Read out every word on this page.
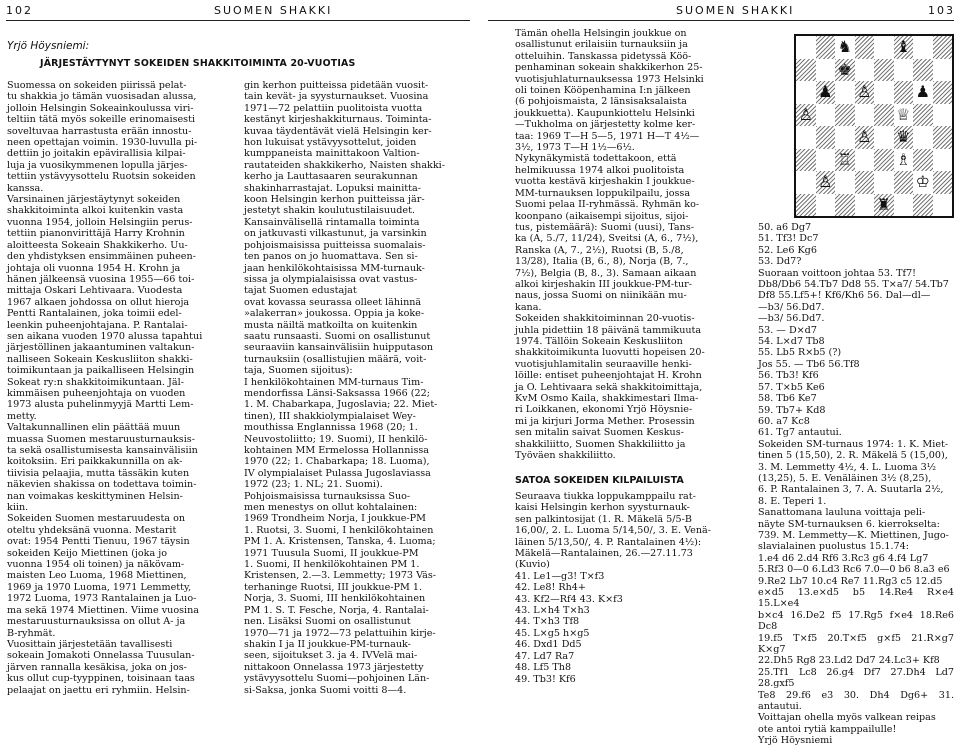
102	SUOMEN SHAKKI
Yrjö Höysniemi:
JÄRJESTÄYTYNYT SOKEIDEN SHAKKITOIMINTA 20-VUOTIAS
Suomessa on sokeiden piirissä pelat-
tu shakkia jo tämän vuosisadan alussa,
jolloin Helsingin Sokeainkoulussa viri-
teltiin tätä myös sokeille erinomaisesti
soveltuvaa harrastusta erään innostu-
neen opettajan voimin. 1930-luvulla pi-
dettiin jo joitakin epävirallisia kilpai-
luja ja vuosikymmenen lopulla järjes-
tettiin ystävyysottelu Ruotsin sokeiden
kanssa.
Varsinainen järjestäytynyt sokeiden
shakkitoiminta alkoi kuitenkin vasta
vuonna 1954, jolloin Helsingiin perus-
tettiin pianonvirittäjä Harry Krohnin
aloitteesta Sokeain Shakkikerho. Uu-
den yhdistyksen ensimmäinen puheen-
johtaja oli vuonna 1954 H. Krohn ja
hänen jälkeensä vuosina 1955—66 toi-
mittaja Oskari Lehtivaara. Vuodesta
1967 alkaen johdossa on ollut hieroja
Pentti Rantalainen, joka toimii edel-
leenkin puheenjohtajana. P. Rantalai-
sen aikana vuoden 1970 alussa tapahtui
järjestöllinen jakaantuminen valtakun-
nalliseen Sokeain Keskusliiton shakki-
toimikuntaan ja paikalliseen Helsingin
Sokeat ry:n shakkitoimikuntaan. Jäl-
kimmäisen puheenjohtaja on vuoden
1973 alusta puhelinmyyjä Martti Lem-
metty.
Valtakunnallinen elin päättää muun
muassa Suomen mestaruusturnauksis-
ta sekä osallistumisesta kansainvälisiin
koitoksiin. Eri paikkakunnilla on ak-
tiivisia pelaajia, mutta tässäkin kuten
näkevien shakissa on todettava toimin-
nan voimakas keskittyminen Helsin-
kiin.
Sokeiden Suomen mestaruudesta on
oteltu yhdeksänä vuonna. Mestarit
ovat: 1954 Pentti Tienuu, 1967 täysin
sokeiden Keijo Miettinen (joka jo
vuonna 1954 oli toinen) ja näkövam-
maisten Leo Luoma, 1968 Miettinen,
1969 ja 1970 Luoma, 1971 Lemmetty,
1972 Luoma, 1973 Rantalainen ja Luo-
ma sekä 1974 Miettinen. Viime vuosina
mestaruusturnauksissa on ollut A- ja
B-ryhmät.
Vuosittain järjestetään tavallisesti
sokeain Jomakoti Onnelassa Tuusulan-
järven rannalla kesäkisa, joka on jos-
kus ollut cup-tyyppinen, toisinaan taas
pelaajat on jaettu eri ryhmiin. Helsin-
gin kerhon puitteissa pidetään vuosit-
tain kevät- ja syysturnaukset. Vuosina
1971—72 pelattiin puolitoista vuotta
kestänyt kirjeshakkiturnaus. Toiminta-
kuvaa täydentävät vielä Helsingin ker-
hon lukuisat ystävyysottelut, joiden
kumppaneista mainittakoon Valtion-
rautateiden shakkikerho, Naisten shakki-
kerho ja Lauttasaaren seurakunnan
shakinharrastajat. Lopuksi mainitta-
koon Helsingin kerhon puitteissa jär-
jestetyt shakin koulutustilaisuudet.
Kansainvälisellä rintamalla toiminta
on jatkuvasti vilkastunut, ja varsinkin
pohjoismaisissa puitteissa suomalais-
ten panos on jo huomattava. Sen si-
jaan henkilökohtaisissa MM-turnauk-
sissa ja olympialaisissa ovat vastus-
tajat Suomen edustajat
ovat kovassa seurassa olleet lähinnä
»alakerran» joukossa. Oppia ja koke-
musta näiltä matkoilta on kuitenkin
saatu runsaasti. Suomi on osallistunut
seuraaviin kansainvälisiin huipputason
turnauksiin (osallistujien määrä, voit-
taja, Suomen sijoitus):
I henkilökohtainen MM-turnaus Tim-
mendorfissa Länsi-Saksassa 1966 (22;
1. M. Chabarkapa, Jugoslavia; 22. Miet-
tinen), III shakkiolympialaiset Wey-
mouthissa Englannissa 1968 (20; 1.
Neuvostoliitto; 19. Suomi), II henkilö-
kohtainen MM Ermelossa Hollannissa
1970 (22; 1. Chabarkapa; 18. Luoma),
IV olympialaiset Pulassa Jugoslaviassa
1972 (23; 1. NL; 21. Suomi).
Pohjoismaisissa turnauksissa Suo-
men menestys on ollut kohtalainen:
1969 Trondheim Norja, I joukkue-PM
1. Ruotsi, 3. Suomi, I henkilökohtainen
PM 1. A. Kristensen, Tanska, 4. Luoma;
1971 Tuusula Suomi, II joukkue-PM
1. Suomi, II henkilökohtainen PM 1.
Kristensen, 2.—3. Lemmetty; 1973 Väs-
terhaninge Ruotsi, III joukkue-PM 1.
Norja, 3. Suomi, III henkilökohtainen
PM 1. S. T. Fesche, Norja, 4. Rantalai-
nen. Lisäksi Suomi on osallistunut
1970—71 ja 1972—73 pelattuihin kirje-
shakin I ja II joukkue-PM-turnauk-
seen, sijoitukset 3. ja 4. IVVelä mai-
nittakoon Onnelassa 1973 järjestetty
ystävyysottelu Suomi—pohjoinen Län-
si-Saksa, jonka Suomi voitti 8—4.
SUOMEN SHAKKI	103
Tämän ohella Helsingin joukkue on
osallistunut erilaisiin turnauksiin ja
otteluihin. Tanskassa pidetyssä Köö-
penhaminan sokeain shakkikerhon 25-
vuotisjuhlaturnauksessa 1973 Helsinki
oli toinen Kööpenhamina I:n jälkeen
(6 pohjoismaista, 2 länsisaksalaista
joukkuetta). Kaupunkiottelu Helsinki
—Tukholma on järjestetty kolme ker-
taa: 1969 T—H 5—5, 1971 H—T 4½—
3½, 1973 T—H 1½—6½.
Nykynäkymistä todettakoon, että
helmikuussa 1974 alkoi puolitoista
vuotta kestävä kirjeshakin I joukkue-
MM-turnauksen loppukilpailu, jossa
Suomi pelaa II-ryhmässä. Ryhmän ko-
koonpano (aikaisempi sijoitus, sijoi-
tus, pistemäärä): Suomi (uusi), Tans-
ka (A, 5./7, 11/24), Sveitsi (A, 6., 7½),
Ranska (A, 7., 2½), Ruotsi (B, 5./8,
13/28), Italia (B, 6., 8), Norja (B, 7.,
7½), Belgia (B, 8., 3). Samaan aikaan
alkoi kirjeshakin III joukkue-PM-tur-
naus, jossa Suomi on niinikään mu-
kana.
Sokeiden shakkitoiminnan 20-vuotis-
juhla pidettiin 18 päivänä tammikuuta
1974. Tällöin Sokeain Keskusliiton
shakkitoimikunta luovutti hopeisen 20-
vuotisjuhlamitalin seuraaville henki-
löille: entiset puheenjohtajat H. Krohn
ja O. Lehtivaara sekä shakkitoimittaja,
KvM Osmo Kaila, shakkimestari Ilmа-
ri Loikkanen, ekonomi Yrjö Höysnie-
mi ja kirjuri Jorma Mether. Prosessin
sen mitalin saivat Suomen Keskus-
shakkiliitto, Suomen Shakkiliitto ja
Työväen shakkiliitto.
SATOA SOKEIDEN KILPAILUISTA
Seuraava tiukka loppukamppailu rat-
kaisi Helsingin kerhon syysturnauk-
sen palkintosijat (1. R. Mäkelä 5/5-B
16,00/, 2. L. Luoma 5/14,50/, 3. E. Venä-
läinen 5/13,50/, 4. P. Rantalainen 4½):
Mäkelä—Rantalainen, 26.—27.11.73
(Kuvio)
41. Le1—g3! T×f3
42. Le8! Rh4+
43. Kf2—Rf4 43. K×f3
43. L×h4 T×h3
44. T×h3 Tf8
45. L×g5 h×g5
46. Dxd1 Dd5
47. Ld7 Ra7
48. Lf5 Th8
49. Tb3! Kf6
50. a6 Dg7
51. Tf3! Dc7
52. Le6 Kg6
53. Dd7?
Suoraan voittoon johtaa 53. Tf7!
Db8/Db6 54.Tb7 Dd8 55. T×a7/ 54.Tb7
Df8 55.Lf5+! Kf6/Kh6 56. Dal—dl—
—b3/ 56.Dd7.
—b3/ 56.Dd7.
53. — D×d7
54. L×d7 Tb8
55. Lb5 R×b5 (?)
Jos 55. — Tb6 56.Tf8
56. Tb3! Kf6
57. T×b5 Ke6
58. Tb6 Ke7
59. Tb7+ Kd8
60. a7 Kc8
61. Tg7 antautui.
Sokeiden SM-turnaus 1974: 1. K. Miet-
tinen 5 (15,50), 2. R. Mäkelä 5 (15,00),
3. M. Lemmetty 4½, 4. L. Luoma 3½
(13,25), 5. E. Venäläinen 3½ (8,25),
6. P. Rantalainen 3, 7. A. Suutarla 2½,
8. E. Teperi 1.
Sanattomana lauluna voittaja peli-
näyte SM-turnauksen 6. kierrokselta:
739. M. Lemmetty—K. Miettinen, Jugo-
slavialainen puolustus 15.1.74:
1.e4 d6 2.d4 Rf6 3.Rc3 g6 4.f4 Lg7
5.Rf3 0—0 6.Ld3 Rc6 7.0—0 b6 8.a3 e6
9.Re2 Lb7 10.c4 Re7 11.Rg3 c5 12.d5
e×d5 13.e×d5 b5 14.Re4 R×e4 15.L×e4
b×c4 16.De2 f5 17.Rg5 f×e4 18.Re6 Dc8
19.f5 T×f5 20.T×f5 g×f5 21.R×g7 K×g7
22.Dh5 Rg8 23.Ld2 Dd7 24.Lc3+ Kf8
25.Tf1 Lc8 26.g4 Df7 27.Dh4 Ld7 28.gxf5
Te8 29.f6 e3 30. Dh4 Dg6+ 31. antautui.
Voittajan ohella myös valkean reipas
ote antoi rytiä kamppailulle!
Yrjö Höysniemi
♞	♝
♚
♟ ♙	♟
♙	♕
♙ ♛
♖	♗
♙	♔
♜
